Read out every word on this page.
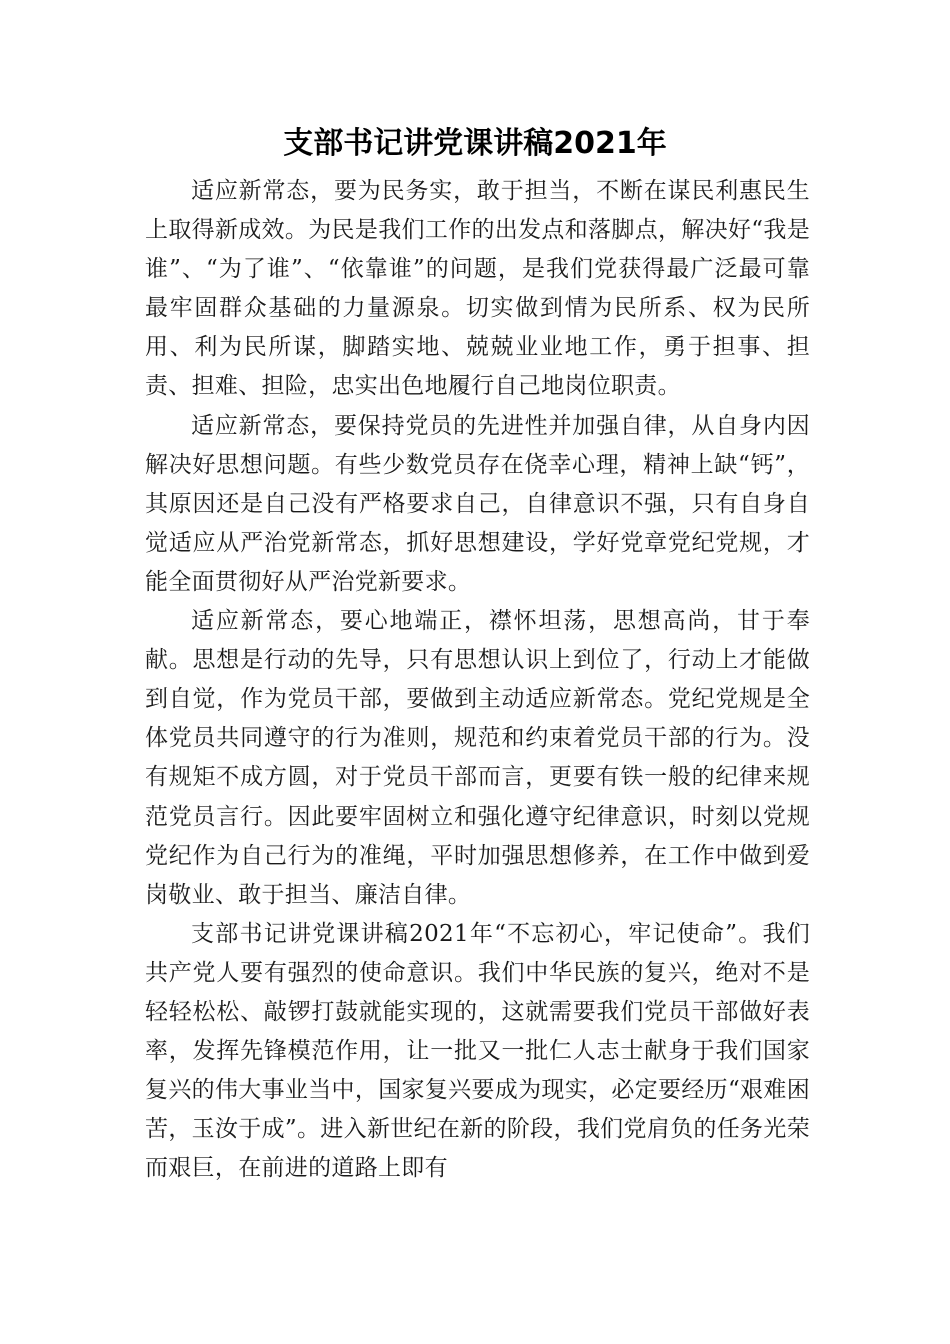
支部书记讲党课讲稿2021年

适应新常态，要为民务实，敢于担当，不断在谋民利惠民生上取得新成效。为民是我们工作的出发点和落脚点，解决好“我是谁”、“为了谁”、“依靠谁”的问题，是我们党获得最广泛最可靠最牢固群众基础的力量源泉。切实做到情为民所系、权为民所用、利为民所谋，脚踏实地、兢兢业业地工作，勇于担事、担责、担难、担险，忠实出色地履行自己地岗位职责。

适应新常态，要保持党员的先进性并加强自律，从自身内因解决好思想问题。有些少数党员存在侥幸心理，精神上缺“钙”，其原因还是自己没有严格要求自己，自律意识不强，只有自身自觉适应从严治党新常态，抓好思想建设，学好党章党纪党规，才能全面贯彻好从严治党新要求。

适应新常态，要心地端正，襟怀坦荡，思想高尚，甘于奉献。思想是行动的先导，只有思想认识上到位了，行动上才能做到自觉，作为党员干部，要做到主动适应新常态。党纪党规是全体党员共同遵守的行为准则，规范和约束着党员干部的行为。没有规矩不成方圆，对于党员干部而言，更要有铁一般的纪律来规范党员言行。因此要牢固树立和强化遵守纪律意识，时刻以党规党纪作为自己行为的准绳，平时加强思想修养，在工作中做到爱岗敬业、敢于担当、廉洁自律。

支部书记讲党课讲稿2021年“不忘初心，牢记使命”。我们共产党人要有强烈的使命意识。我们中华民族的复兴，绝对不是轻轻松松、敲锣打鼓就能实现的，这就需要我们党员干部做好表率，发挥先锋模范作用，让一批又一批仁人志士献身于我们国家复兴的伟大事业当中，国家复兴要成为现实，必定要经历“艰难困苦，玉汝于成”。进入新世纪在新的阶段，我们党肩负的任务光荣而艰巨，在前进的道路上即有
